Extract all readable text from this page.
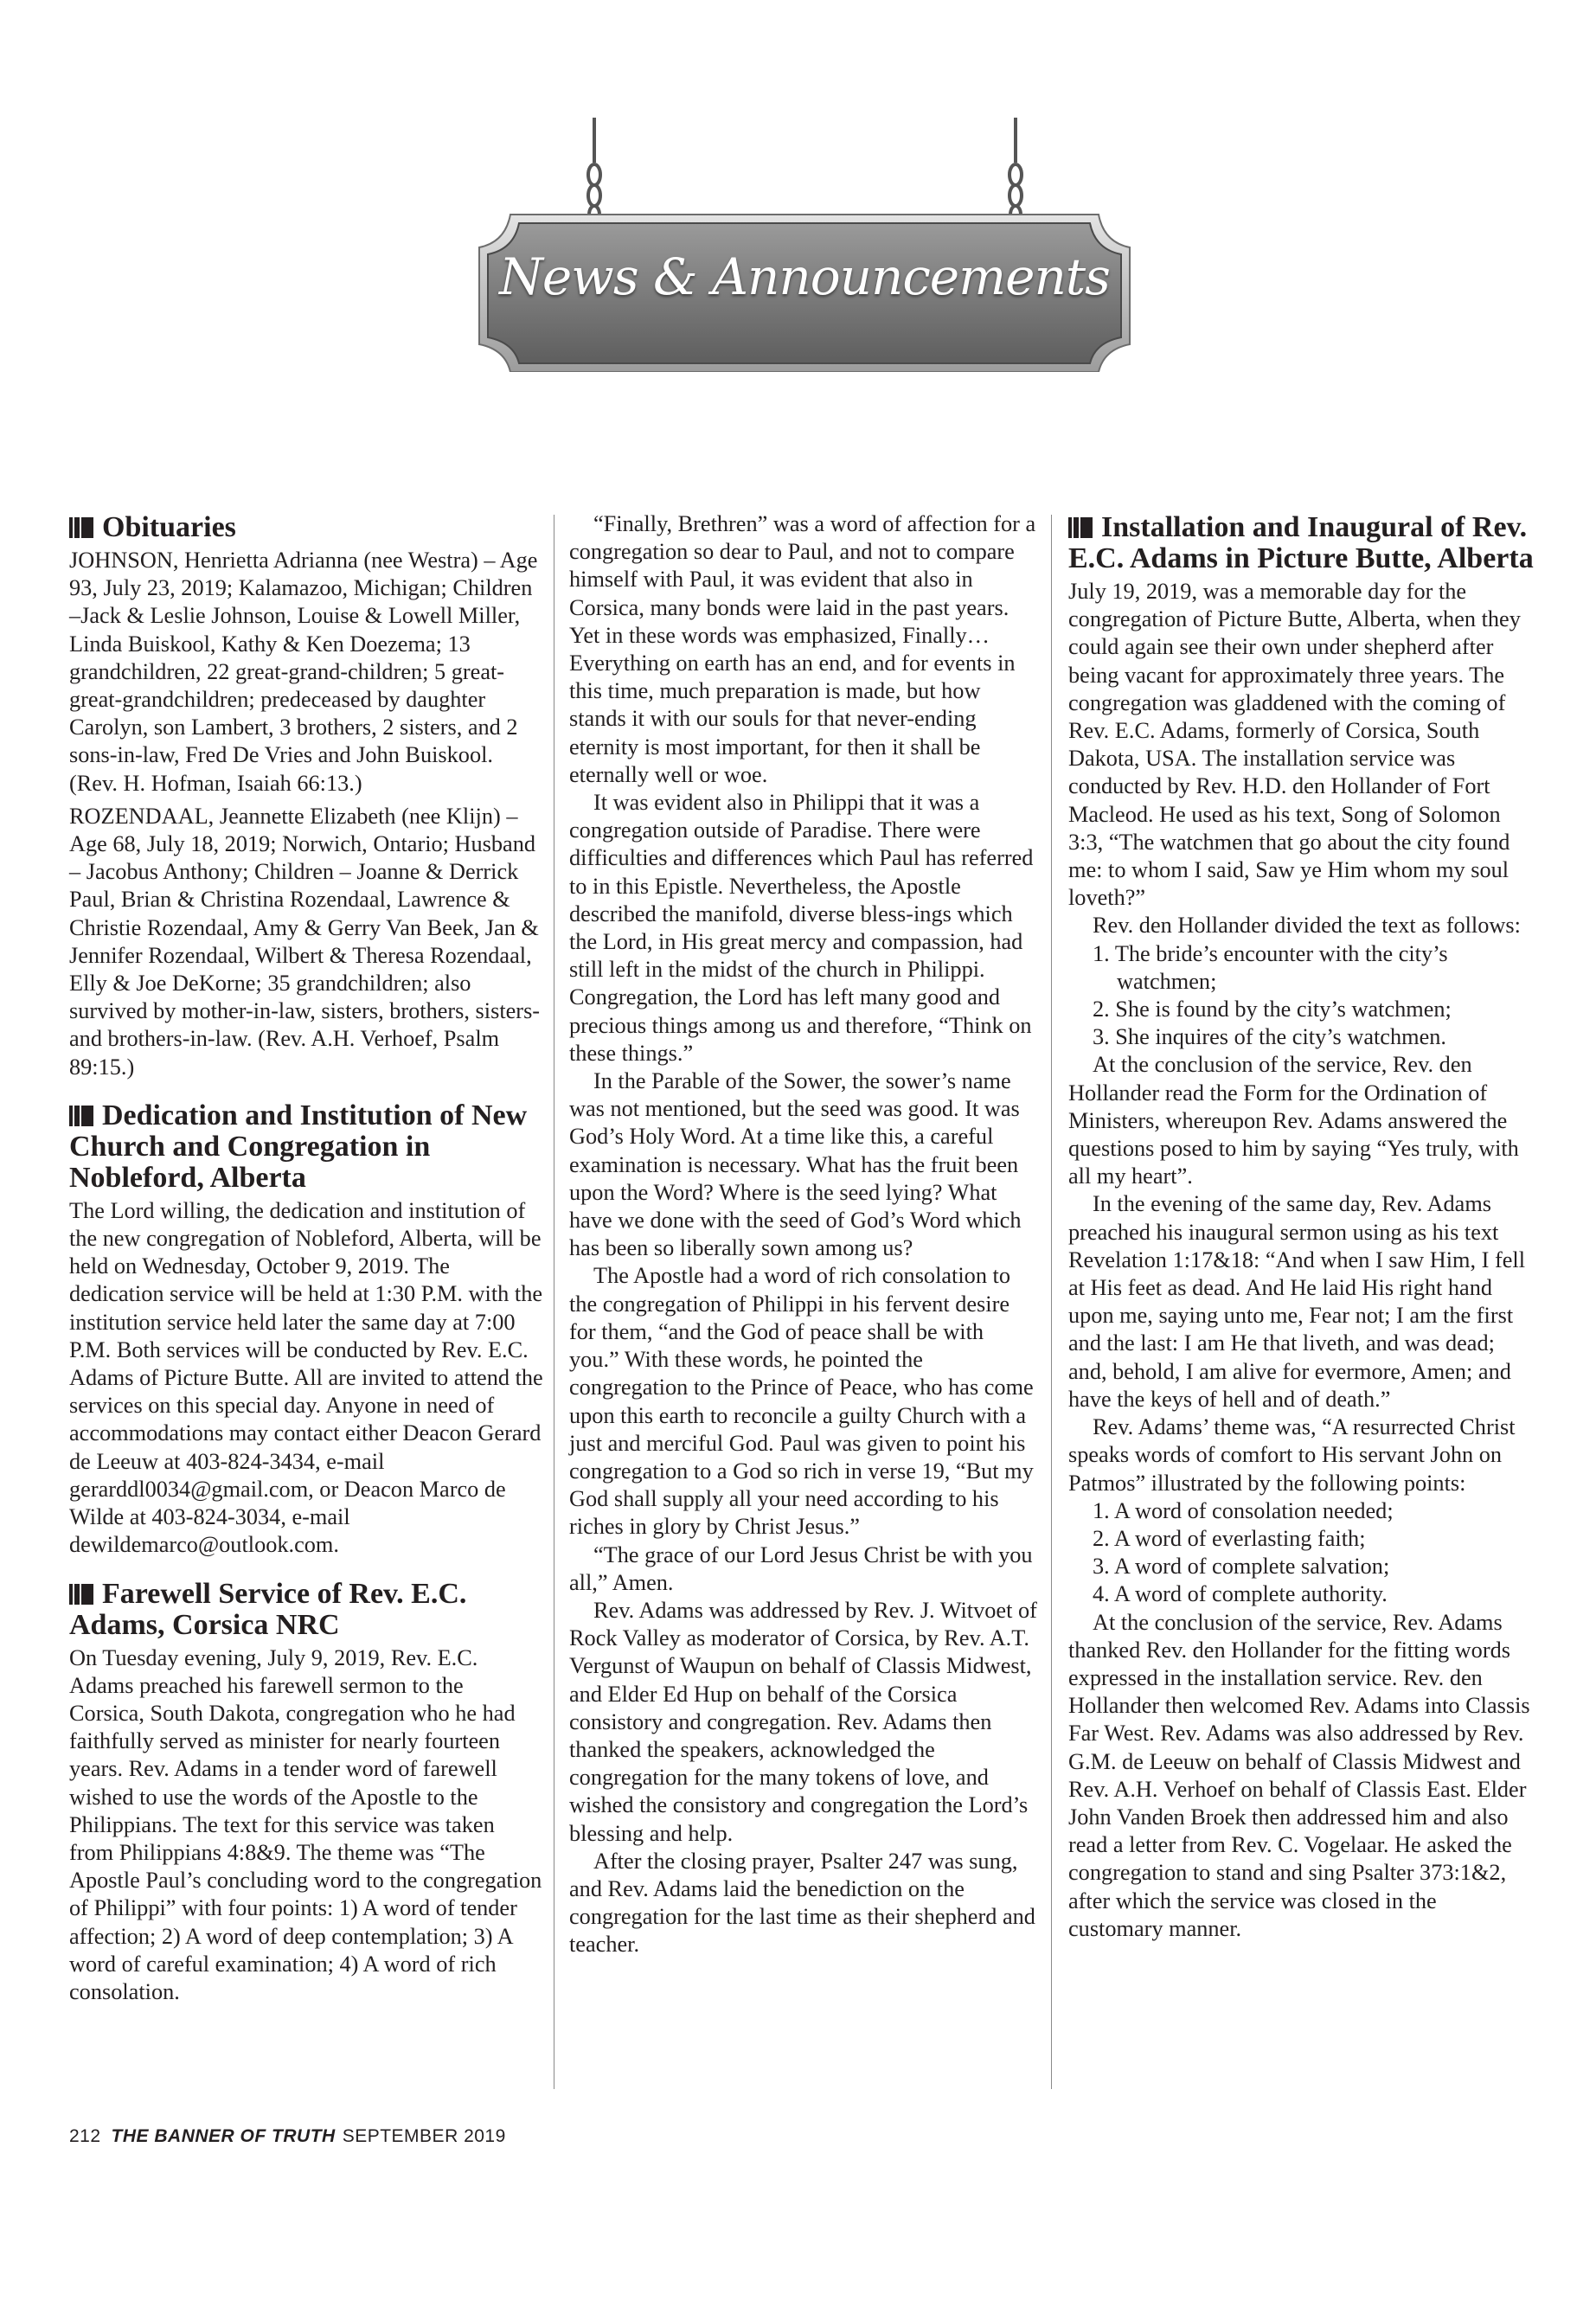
News & Announcements
Obituaries

JOHNSON, Henrietta Adrianna (nee Westra) – Age 93, July 23, 2019; Kalamazoo, Michigan; Children –Jack & Leslie Johnson, Louise & Lowell Miller, Linda Buiskool, Kathy & Ken Doezema; 13 grandchildren, 22 great-grand-children; 5 great-great-grandchildren; predeceased by daughter Carolyn, son Lambert, 3 brothers, 2 sisters, and 2 sons-in-law, Fred De Vries and John Buiskool. (Rev. H. Hofman, Isaiah 66:13.)

ROZENDAAL, Jeannette Elizabeth (nee Klijn) – Age 68, July 18, 2019; Norwich, Ontario; Husband – Jacobus Anthony; Children – Joanne & Derrick Paul, Brian & Christina Rozendaal, Lawrence & Christie Rozendaal, Amy & Gerry Van Beek, Jan & Jennifer Rozendaal, Wilbert & Theresa Rozendaal, Elly & Joe DeKorne; 35 grandchildren; also survived by mother-in-law, sisters, brothers, sisters- and brothers-in-law. (Rev. A.H. Verhoef, Psalm 89:15.)

Dedication and Institution of New Church and Congregation in Nobleford, Alberta

The Lord willing, the dedication and institution of the new congregation of Nobleford, Alberta, will be held on Wednesday, October 9, 2019. The dedication service will be held at 1:30 P.M. with the institution service held later the same day at 7:00 P.M. Both services will be conducted by Rev. E.C. Adams of Picture Butte. All are invited to attend the services on this special day. Anyone in need of accommodations may contact either Deacon Gerard de Leeuw at 403-824-3434, e-mail gerarddl0034@gmail.com, or Deacon Marco de Wilde at 403-824-3034, e-mail dewildemarco@outlook.com.

Farewell Service of Rev. E.C. Adams, Corsica NRC

On Tuesday evening, July 9, 2019, Rev. E.C. Adams preached his farewell sermon to the Corsica, South Dakota, congregation who he had faithfully served as minister for nearly fourteen years. Rev. Adams in a tender word of farewell wished to use the words of the Apostle to the Philippians. The text for this service was taken from Philippians 4:8&9. The theme was “The Apostle Paul’s concluding word to the congregation of Philippi” with four points: 1) A word of tender affection; 2) A word of deep contemplation; 3) A word of careful examination; 4) A word of rich consolation.

“Finally, Brethren” was a word of affection for a congregation so dear to Paul, and not to compare himself with Paul, it was evident that also in Corsica, many bonds were laid in the past years. Yet in these words was emphasized, Finally… Everything on earth has an end, and for events in this time, much preparation is made, but how stands it with our souls for that never-ending eternity is most important, for then it shall be eternally well or woe.

It was evident also in Philippi that it was a congregation outside of Paradise. There were difficulties and differences which Paul has referred to in this Epistle. Nevertheless, the Apostle described the manifold, diverse bless-ings which the Lord, in His great mercy and compassion, had still left in the midst of the church in Philippi. Congregation, the Lord has left many good and precious things among us and therefore, “Think on these things.”

In the Parable of the Sower, the sower’s name was not mentioned, but the seed was good. It was God’s Holy Word. At a time like this, a careful examination is necessary. What has the fruit been upon the Word? Where is the seed lying? What have we done with the seed of God’s Word which has been so liberally sown among us?

The Apostle had a word of rich consolation to the congregation of Philippi in his fervent desire for them, “and the God of peace shall be with you.” With these words, he pointed the congregation to the Prince of Peace, who has come upon this earth to reconcile a guilty Church with a just and merciful God. Paul was given to point his congregation to a God so rich in verse 19, “But my God shall supply all your need according to his riches in glory by Christ Jesus.”

“The grace of our Lord Jesus Christ be with you all,” Amen.

Rev. Adams was addressed by Rev. J. Witvoet of Rock Valley as moderator of Corsica, by Rev. A.T. Vergunst of Waupun on behalf of Classis Midwest, and Elder Ed Hup on behalf of the Corsica consistory and congregation. Rev. Adams then thanked the speakers, acknowledged the congregation for the many tokens of love, and wished the consistory and congregation the Lord’s blessing and help.

After the closing prayer, Psalter 247 was sung, and Rev. Adams laid the benediction on the congregation for the last time as their shepherd and teacher.

Installation and Inaugural of Rev. E.C. Adams in Picture Butte, Alberta

July 19, 2019, was a memorable day for the congregation of Picture Butte, Alberta, when they could again see their own under shepherd after being vacant for approximately three years. The congregation was gladdened with the coming of Rev. E.C. Adams, formerly of Corsica, South Dakota, USA. The installation service was conducted by Rev. H.D. den Hollander of Fort Macleod. He used as his text, Song of Solomon 3:3, “The watchmen that go about the city found me: to whom I said, Saw ye Him whom my soul loveth?”

Rev. den Hollander divided the text as follows:

1. The bride’s encounter with the city’s watchmen;
2. She is found by the city’s watchmen;
3. She inquires of the city’s watchmen.

At the conclusion of the service, Rev. den Hollander read the Form for the Ordination of Ministers, whereupon Rev. Adams answered the questions posed to him by saying “Yes truly, with all my heart”.

In the evening of the same day, Rev. Adams preached his inaugural sermon using as his text Revelation 1:17&18: “And when I saw Him, I fell at His feet as dead. And He laid His right hand upon me, saying unto me, Fear not; I am the first and the last: I am He that liveth, and was dead; and, behold, I am alive for evermore, Amen; and have the keys of hell and of death.”

Rev. Adams’ theme was, “A resurrected Christ speaks words of comfort to His servant John on Patmos” illustrated by the following points:

1. A word of consolation needed;
2. A word of everlasting faith;
3. A word of complete salvation;
4. A word of complete authority.

At the conclusion of the service, Rev. Adams thanked Rev. den Hollander for the fitting words expressed in the installation service. Rev. den Hollander then welcomed Rev. Adams into Classis Far West. Rev. Adams was also addressed by Rev. G.M. de Leeuw on behalf of Classis Midwest and Rev. A.H. Verhoef on behalf of Classis East. Elder John Vanden Broek then addressed him and also read a letter from Rev. C. Vogelaar. He asked the congregation to stand and sing Psalter 373:1&2, after which the service was closed in the customary manner.

212 THE BANNER OF TRUTH SEPTEMBER 2019
